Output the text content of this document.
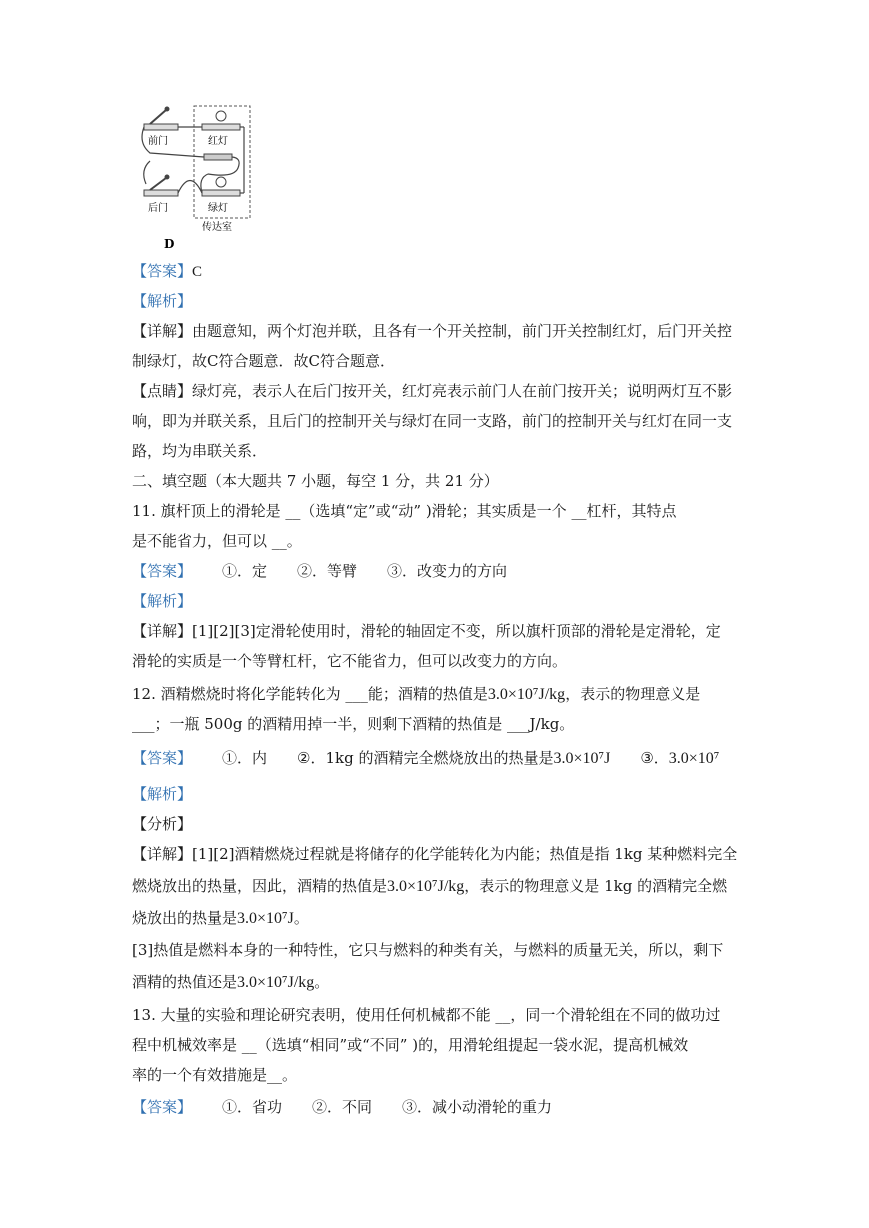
前门	红灯
后门	绿灯
传达室
D
【答案】C
【解析】
【详解】由题意知，两个灯泡并联，且各有一个开关控制，前门开关控制红灯，后门开关控
制绿灯，故C符合题意．故C符合题意．
【点睛】绿灯亮，表示人在后门按开关，红灯亮表示前门人在前门按开关；说明两灯互不影
响，即为并联关系，且后门的控制开关与绿灯在同一支路，前门的控制开关与红灯在同一支
路，均为串联关系．
二、填空题（本大题共 7 小题，每空 1 分，共 21 分）
11. 旗杆顶上的滑轮是 __（选填“定”或“动” )滑轮；其实质是一个 __杠杆，其特点
是不能省力，但可以 __。
【答案】 ①．定 ②．等臂 ③．改变力的方向
【解析】
【详解】[1][2][3]定滑轮使用时，滑轮的轴固定不变，所以旗杆顶部的滑轮是定滑轮，定
滑轮的实质是一个等臂杠杆，它不能省力，但可以改变力的方向。
12. 酒精燃烧时将化学能转化为 ___能；酒精的热值是3.0×10⁷J/kg，表示的物理意义是
___；一瓶 500g 的酒精用掉一半，则剩下酒精的热值是 ___J/kg。
【答案】 ①．内 ②．1kg 的酒精完全燃烧放出的热量是3.0×10⁷J ③．3.0×10⁷
【解析】
【分析】
【详解】[1][2]酒精燃烧过程就是将储存的化学能转化为内能；热值是指 1kg 某种燃料完全
燃烧放出的热量，因此，酒精的热值是3.0×10⁷J/kg，表示的物理意义是 1kg 的酒精完全燃
烧放出的热量是3.0×10⁷J。
[3]热值是燃料本身的一种特性，它只与燃料的种类有关，与燃料的质量无关，所以，剩下
酒精的热值还是3.0×10⁷J/kg。
13. 大量的实验和理论研究表明，使用任何机械都不能 __，同一个滑轮组在不同的做功过
程中机械效率是 __（选填“相同”或“不同” )的，用滑轮组提起一袋水泥，提高机械效
率的一个有效措施是__。
【答案】 ①．省功 ②．不同 ③．减小动滑轮的重力
